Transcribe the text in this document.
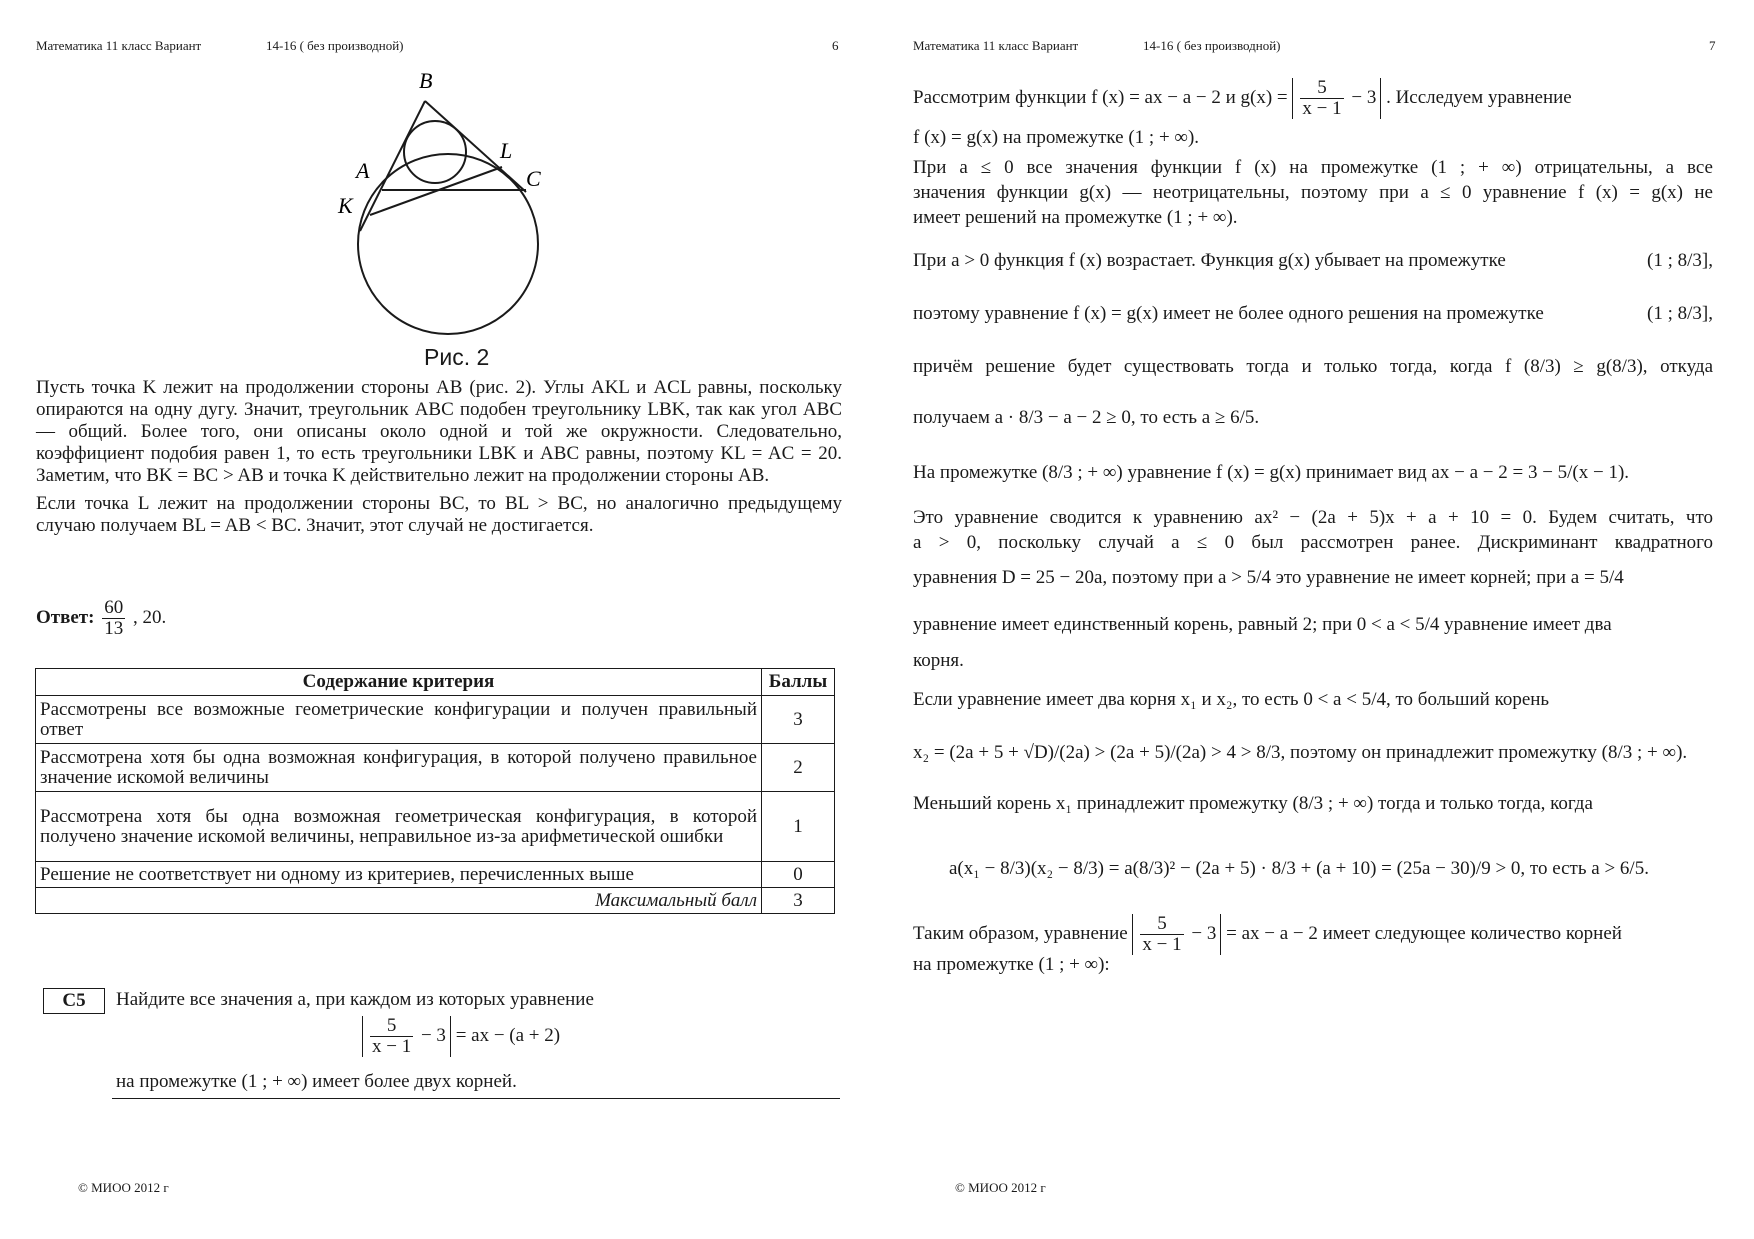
Математика 11 класс Вариант	14-16 ( без производной)	6
B
A
K
L
C
Рис. 2

Пусть точка K лежит на продолжении стороны AB (рис. 2). Углы AKL и ACL равны, поскольку опираются на одну дугу. Значит, треугольник ABC подобен треугольнику LBK, так как угол ABC — общий. Более того, они описаны около одной и той же окружности. Следовательно, коэффициент подобия равен 1, то есть треугольники LBK и ABC равны, поэтому KL = AC = 20. Заметим, что BK = BC > AB и точка K действительно лежит на продолжении стороны AB.

Если точка L лежит на продолжении стороны BC, то BL > BC, но аналогично предыдущему случаю получаем BL = AB < BC. Значит, этот случай не достигается.

Ответ: $\frac{60}{13}$ , 20.
Содержание критерия	Баллы
Рассмотрены все возможные геометрические конфигурации и получен правильный ответ	3
Рассмотрена хотя бы одна возможная конфигурация, в которой получено правильное значение искомой величины	2
Рассмотрена хотя бы одна возможная геометрическая конфигурация, в которой получено значение искомой величины, неправильное из-за арифметической ошибки	1
Решение не соответствует ни одному из критериев, перечисленных выше	0
Максимальный балл	3
C5	Найдите все значения a, при каждом из которых уравнение
$\frac{5}{x - 1} - 3$ = ax − (a + 2)
на промежутке (1 ; + ∞) имеет более двух корней.
© МИОО 2012 г
Математика 11 класс Вариант	14-16 ( без производной)	7
Рассмотрим функции f (x) = ax − a − 2 и $g(x) = \frac{5}{x - 1} - 3$ . Исследуем уравнение
f (x) = g(x) на промежутке (1 ; + ∞).
При a ≤ 0 все значения функции f (x) на промежутке (1 ; + ∞) отрицательны, а все
значения функции g(x) — неотрицательны, поэтому при a ≤ 0 уравнение f (x) = g(x) не
имеет решений на промежутке (1 ; + ∞).
При a > 0 функция f (x) возрастает. Функция g(x) убывает на промежутке	(1 ; 8/3],
поэтому уравнение f (x) = g(x) имеет не более одного решения на промежутке	(1 ; 8/3],
причём решение будет существовать тогда и только тогда, когда f (8/3) ≥ g(8/3), откуда
получаем a · 8/3 − a − 2 ≥ 0, то есть a ≥ 6/5.
На промежутке (8/3 ; + ∞) уравнение f (x) = g(x) принимает вид ax − a − 2 = 3 − 5/(x − 1).
Это уравнение сводится к уравнению ax² − (2a + 5)x + a + 10 = 0. Будем считать, что
a > 0, поскольку случай a ≤ 0 был рассмотрен ранее. Дискриминант квадратного
уравнения D = 25 − 20a, поэтому при a > 5/4 это уравнение не имеет корней; при a = 5/4
уравнение имеет единственный корень, равный 2; при 0 < a < 5/4 уравнение имеет два
корня.
Если уравнение имеет два корня x₁ и x₂, то есть 0 < a < 5/4, то больший корень
x₂ = (2a + 5 + √D)/(2a) > (2a + 5)/(2a) > 4 > 8/3, поэтому он принадлежит промежутку (8/3 ; + ∞).
Меньший корень x₁ принадлежит промежутку (8/3 ; + ∞) тогда и только тогда, когда
a(x₁ − 8/3)(x₂ − 8/3) = a(8/3)² − (2a + 5) · 8/3 + (a + 10) = (25a − 30)/9 > 0, то есть a > 6/5.
Таким образом, уравнение $\frac{5}{x - 1} - 3$ = ax − a − 2 имеет следующее количество корней
на промежутке (1 ; + ∞):
© МИОО 2012 г
